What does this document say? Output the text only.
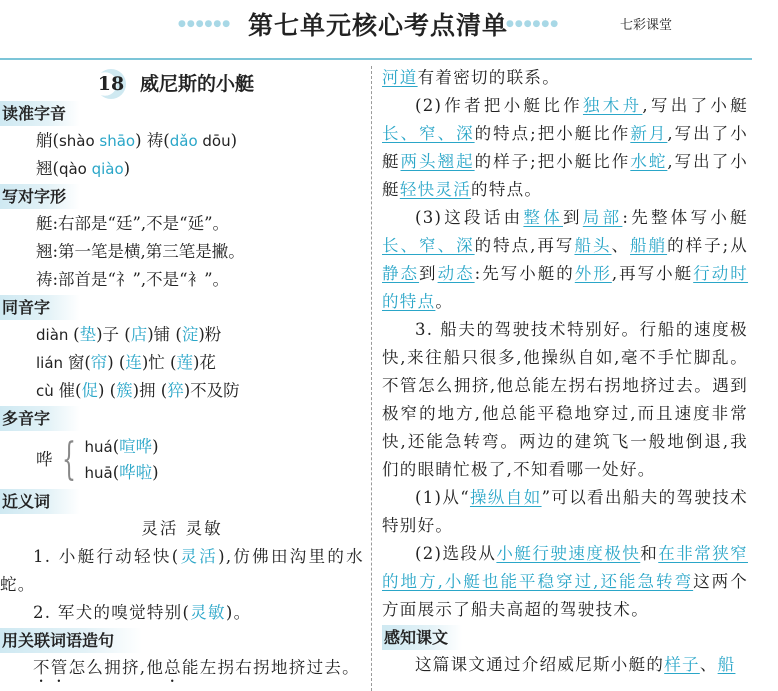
●●●●●● 第七单元核心考点清单
●●●●●●	七彩课堂
18 威尼斯的小艇
读准字音
艄(shào shāo) 祷(dǎo dōu)
翘(qào qiào)
写对字形
艇:右部是“廷”,不是“延”。
翘:第一笔是横,第三笔是撇。
祷:部首是“礻”,不是“衤”。
同音字
diàn (垫)子 (店)铺 (淀)粉
lián 窗(帘) (连)忙 (莲)花
cù 催(促) (簇)拥 (猝)不及防
多音字
哗 { huá(喧哗)
huā(哗啦)
近义词
灵活 灵敏

1. 小艇行动轻快(灵活),仿佛田沟里的水蛇。

2. 军犬的嗅觉特别(灵敏)。

用关联词语造句

不管怎么拥挤,他总能左拐右拐地挤过去。

河道有着密切的联系。

(2)作者把小艇比作独木舟,写出了小艇长、窄、深的特点;把小艇比作新月,写出了小艇两头翘起的样子;把小艇比作水蛇,写出了小艇轻快灵活的特点。

(3)这段话由整体到局部:先整体写小艇长、窄、深的特点,再写船头、船艄的样子;从静态到动态:先写小艇的外形,再写小艇行动时的特点。

3. 船夫的驾驶技术特别好。行船的速度极快,来往船只很多,他操纵自如,毫不手忙脚乱。不管怎么拥挤,他总能左拐右拐地挤过去。遇到极窄的地方,他总能平稳地穿过,而且速度非常快,还能急转弯。两边的建筑飞一般地倒退,我们的眼睛忙极了,不知看哪一处好。

(1)从“操纵自如”可以看出船夫的驾驶技术特别好。

(2)选段从小艇行驶速度极快和在非常狭窄的地方,小艇也能平稳穿过,还能急转弯这两个方面展示了船夫高超的驾驶技术。

感知课文

这篇课文通过介绍威尼斯小艇的样子、船
